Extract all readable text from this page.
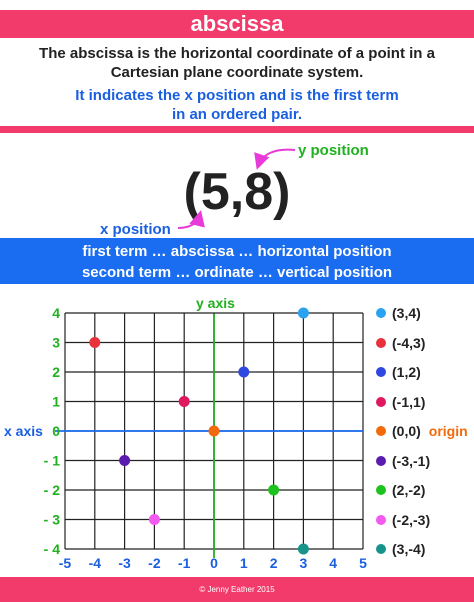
abscissa
The abscissa is the horizontal coordinate of a point in a
Cartesian plane coordinate system.
It indicates the x position and is the first term
in an ordered pair.
(5,8)
first term … abscissa … horizontal position
second term … ordinate … vertical position
x position
y position
-5 -4 -3 -2 -1 0 1 2 3 4 5
4
3
2
1
0
- 1
- 2
- 3
- 4
y axis
x axis
(3,4)
(-4,3)
(1,2)
(-1,1)
(0,0) origin
(-3,-1)
(2,-2)
(-2,-3)
(3,-4)
© Jenny Eather 2015
